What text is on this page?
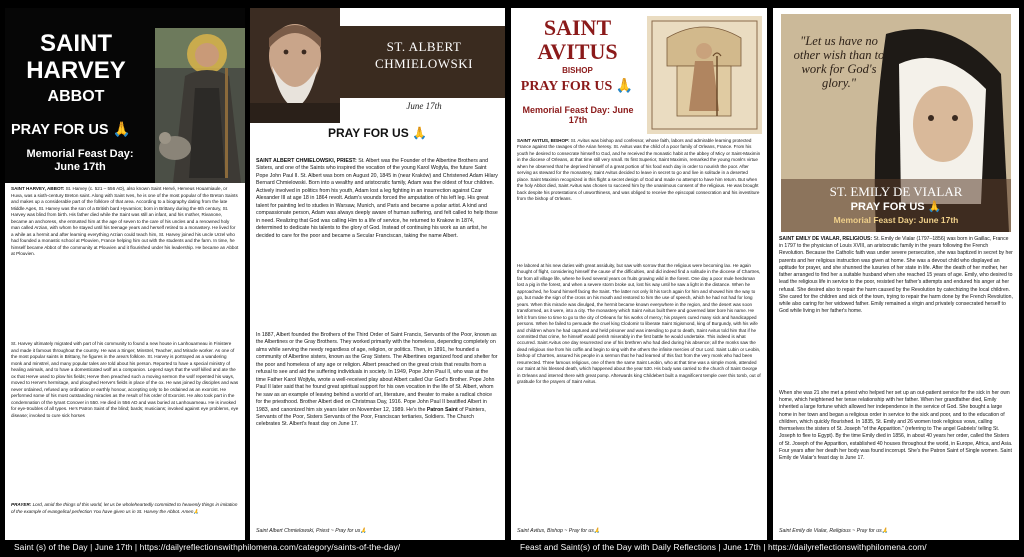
SAINT HARVEY
ABBOT
PRAY FOR US 🙏
Memorial Feast Day: June 17th

SAINT HARVEY, ABBOT: St. Harvey (c. 521 – 556 AD), also known Saint Hervé, Herveus Houarniaule, or Huva, was a sixth-century Breton saint. Along with Saint Ives, he is one of the most popular of the Breton Saints and makes up a considerable part of the folklore of that area. According to a biography dating from the late Middle Ages, St. Harvey was the son of a British bard Hyvarnion; born in Brittany during the 6th century, St. Harvey was blind from birth. His father died while the Saint was still an infant, and his mother, Rivanone, became an anchoress, she entrusted him at the age of seven to the care of his uncles and a renowned holy man called Arzian, with whom he stayed until his teenage years and herself retired to a monastery. He lived for a while as a hermit and after learning everything Arzian could teach him, St. Harvey joined his uncle Urzel who had founded a monastic school at Plouvien, France helping him out with the students and the farm. In time, he himself became Abbot of the community at Plouvien and it flourished under his leadership. He became an Abbot at Plouvien.

St. Harvey ultimately migrated with part of his community to found a new house in Lanhouarneau in Finistere and made it famous throughout the country. He was a Singer, Minstrel, Teacher, and Miracle worker. As one of the most popular saints in Brittany, he figures in the area's folklore. St. Harvey is portrayed as a wandering monk and minstrel, and many popular tales are told about his person. Reported to have a special ministry of healing animals, and to have a domesticated wolf as a companion. Legend says that the wolf killed and ate the ox that Herve used to plow his fields; Herve then preached such a moving sermon the wolf repented his ways, moved to Herve's hermitage, and ploughed Herve's fields in place of the ox. He was joined by disciples and was never ordained, refused any ordination or earthly honour, accepting only to be ordained as an exorcist. He performed some of his most outstanding miracles as the result of his order of Exorcist. He also took part in the condemnation of the tyrant Conover in 550. He died in 556 AD and was buried at Lanhouarneau. He is invoked for eye-troubles of all types. He's Patron Saint of the blind; bards; musicians; invoked against eye problems, eye disease; invoked to cure sick horses

PRAYER: Lord, amid the things of this world, let us be wholeheartedly committed to heavenly things in imitation of the example of evangelical perfection You have given us in St. Harvey the Abbot. Amen🙏

ST. ALBERT CHMIELOWSKI
June 17th
PRAY FOR US 🙏

SAINT ALBERT CHMIELOWSKI, PRIEST: St. Albert was the Founder of the Albertine Brothers and Sisters, and one of the Saints who inspired the vocation of the young Karol Wojtyla, the future Saint Pope John Paul II. St. Albert was born on August 20, 1845 in (near Kraków) and Christened Adam Hilary Bernard Chmielowski. Born into a wealthy and aristocratic family, Adam was the oldest of four children. Actively involved in politics from his youth, Adam lost a leg fighting in an insurrection against Czar Alexander III at age 18 in 1864 revolt. Adam's wounds forced the amputation of his left leg. His great talent for painting led to studies in Warsaw, Munich, and Paris and became a polar artist. A kind and compassionate person, Adam was always deeply aware of human suffering, and felt called to help those in need. Realizing that God was calling Him to a life of service, he returned to Krakow in 1874, determined to dedicate his talents to the glory of God. Instead of continuing his work as an artist, he decided to care for the poor and became a Secular Franciscan, taking the name Albert.

In 1887, Albert founded the Brothers of the Third Order of Saint Francis, Servants of the Poor, known as the Albertines or the Gray Brothers. They worked primarily with the homeless, depending completely on alms while serving the needy regardless of age, religion, or politics. Then, in 1891, he founded a community of Albertine sisters, known as the Gray Sisters. The Albertines organized food and shelter for the poor and homeless of any age or religion. Albert preached on the great crisis that results from a refusal to see and aid the suffering individuals in society. In 1949, Pope John Paul II, who was at the time Father Karol Wojtyła, wrote a well-received play about Albert called Our God's Brother. Pope John Paul II later said that he found great spiritual support for his own vocation in the life of St. Albert, whom he saw as an example of leaving behind a world of art, literature, and theater to make a radical choice for the priesthood. Brother Albert died on Christmas Day, 1916. Pope John Paul II beatified Albert in 1983, and canonized him six years later on November 12, 1989. He's the Patron Saint of Painters, Servants of the Poor, Sisters Servants of the Poor, Franciscan tertiaries, Soldiers. The Church celebrates St. Albert's feast day on June 17.

Saint Albert Chmielowski, Priest ~ Pray for us🙏
SAINT AVITUS
BISHOP
PRAY FOR US 🙏
Memorial Feast Day: June 17th

SAINT AVITUS, BISHOP: St. Avitus was bishop and confessor, whose faith, labors and admirable learning protected France against the ravages of the Arian heresy. St. Avitus was the child of a poor family of Orleans, France. From his youth he desired to consecrate himself to God, and he received the monastic habit at the abbey of Micy or Saint-Maximin in the diocese of Orleans, at that time still very small. Its first Superior, Saint Maximin, remarked the young monk's virtue when he observed that he deprived himself of a great portion of his food each day in order to nourish the poor. After serving as steward for the monastery, Saint Avitus decided to leave in secret to go and live in solitude in a deserted place. Saint Maximin recognized in this flight a secret design of God and made no attempt to have him return. But when the holy Abbot died, Saint Avitus was chosen to succeed him by the unanimous consent of the religious. He was brought back despite his protestations of unworthiness, and was obliged to receive the episcopal consecration and his investiture from the bishop of Orleans.

He labored at his new duties with great assiduity, but saw with sorrow that the religious were becoming lax. He again thought of flight, considering himself the cause of the difficulties, and did indeed find a solitude in the diocese of Chartres, far from all village life, where he lived several years on fruits growing wild in the forest. One day a poor mule herdsman lost a pig in the forest, and when a severe storm broke out, lost his way until he saw a light in the distance. When he approached, he found himself facing the Saint. The latter not only lit his torch again for him and showed him the way to go, but made the sign of the cross on his mouth and restored to him the use of speech, which he had not had for long years. When this miracle was divulged, the hermit became known everywhere in the region, and the desert was soon transformed, as it were, into a city. The monastery which Saint Avitus built there and governed later bore his name. He left it from time to time to go to the city of Orleans for his works of mercy; his prayers cured many sick and handicapped persons. When he failed to persuade the cruel king Clodomir to liberate Saint Sigismond, king of Burgundy, with his wife and children whom he had captured and held prisoner and was intending to put to death, Saint Avitus told him that if he committed that crime, he himself would perish miserably in the first battle he would undertake. This indeed is what occurred. Saint Avitus one day resurrected one of his brethren who had died during his absence; all the monks saw the dead religious rise from his coffin and begin to sing with the others the infinite mercies of Our Lord. Saint Lubin or Leobin, bishop of Chartres, assured his people in a sermon that he had learned of this fact from the very monk who had been resurrected. Three famous religious, one of them the same Saint Leobin, who at that time was a simple monk, attended our Saint at his blessed death, which happened about the year 530. His body was carried to the church of Saint George in Orleans and interred there with great pomp. Afterwards king Childebert built a magnificent temple over this tomb, out of gratitude for the prayers of Saint Avitus.

Saint Avitus, Bishop ~ Pray for us🙏
"Let us have no other wish than to work for God's glory."
ST. EMILY DE VIALAR
PRAY FOR US 🙏
Memorial Feast Day: June 17th

SAINT EMILY DE VIALAR, RELIGIOUS: St. Emily de Vialar (1797–1856) was born in Gaillac, France in 1797 to the physician of Louis XVIII, an aristocratic family in the years following the French Revolution. Because the Catholic faith was under severe persecution, she was baptized in secret by her parents and her religious instruction was given at home. She was a devout child who displayed an aptitude for prayer, and she shunned the luxuries of her state in life. After the death of her mother, her father arranged to find her a suitable husband when she reached 15 years of age. Emily, who desired to lead the religious life in service to the poor, resisted her father's attempts and endured his anger at her refusal. She desired also to repair the harm caused by the Revolution by catechizing the local children. She cared for the children and sick of the town, trying to repair the harm done by the French Revolution, while also caring for her widowed father. Emily remained a virgin and privately consecrated herself to God while living in her father's home.

When she was 21 she met a priest who helped her set up an out-patient service for the sick in her own home, which heightened her tense relationship with her father. When her grandfather died, Emily inherited a large fortune which allowed her independence in the service of God. She bought a large home in her town and began a religious order in service to the sick and poor, and to the education of children, which quickly flourished. In 1835, St. Emily and 26 women took religious vows, calling themselves the sisters of St. Joseph "of the Apparition." (referring to The angel Gabriels' telling St. Joseph to flee to Egypt). By the time Emily died in 1856, in about 40 years her order, called the Sisters of St. Joseph of the Apparition, established 40 houses throughout the world, in Europe, Africa, and Asia. Four years after her death her body was found incorrupt. She's the Patron Saint of Single women. Saint Emily de Vialar's feast day is June 17.

Saint Emily de Vialar, Religious ~ Pray for us🙏
Saint (s) of the Day | June 17th | https://dailyreflectionswithphilomena.com/category/saints-of-the-day/	Feast and Saint(s) of the Day with Daily Reflections | June 17th | https://dailyreflectionswithphilomena.com/
